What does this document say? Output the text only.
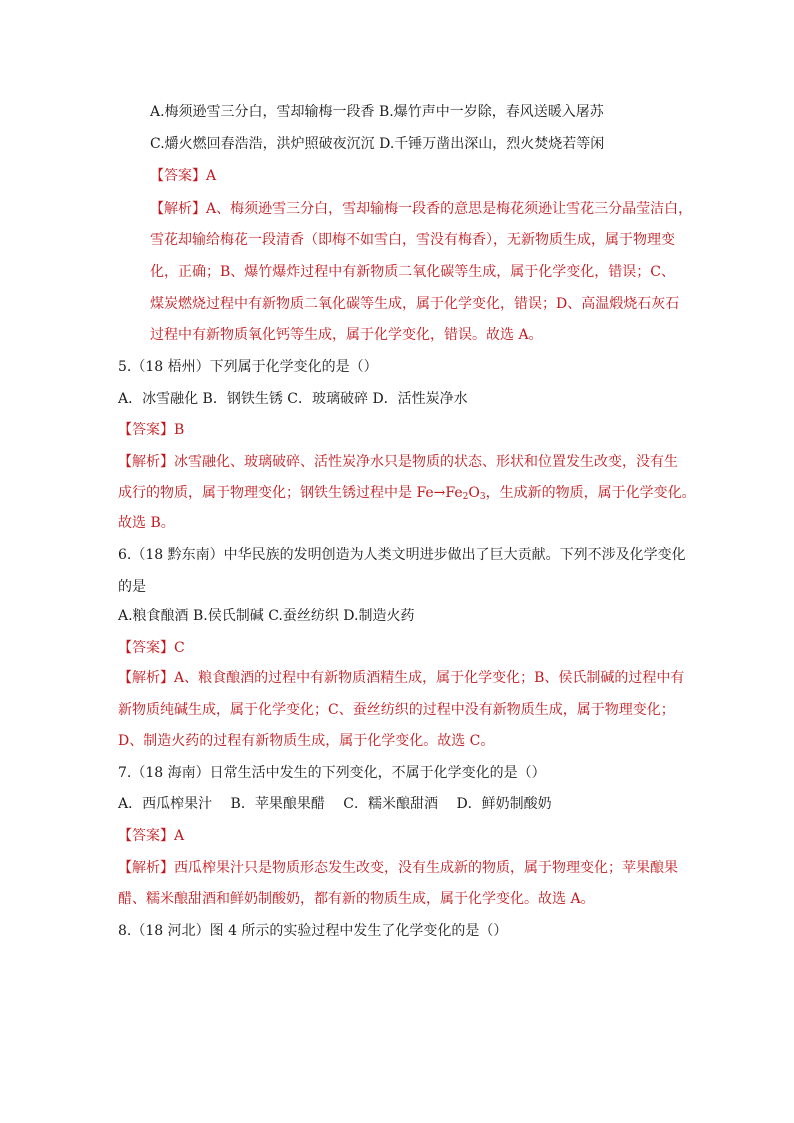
A.梅须逊雪三分白，雪却输梅一段香 B.爆竹声中一岁除，春风送暖入屠苏
C.爝火燃回春浩浩，洪炉照破夜沉沉 D.千锤万凿出深山，烈火焚烧若等闲
【答案】A
【解析】A、梅须逊雪三分白，雪却输梅一段香的意思是梅花须逊让雪花三分晶莹洁白，
雪花却输给梅花一段清香（即梅不如雪白，雪没有梅香），无新物质生成，属于物理变
化，正确；B、爆竹爆炸过程中有新物质二氧化碳等生成，属于化学变化，错误；C、
煤炭燃烧过程中有新物质二氧化碳等生成，属于化学变化，错误；D、高温煅烧石灰石
过程中有新物质氧化钙等生成，属于化学变化，错误。故选 A。
5.（18 梧州）下列属于化学变化的是（）
A．冰雪融化 B．钢铁生锈 C．玻璃破碎 D．活性炭净水
【答案】B
【解析】冰雪融化、玻璃破碎、活性炭净水只是物质的状态、形状和位置发生改变，没有生
成行的物质，属于物理变化；钢铁生锈过程中是 $Fe\to Fe_2O_3$，生成新的物质，属于化学变化。
故选 B。
6.（18 黔东南）中华民族的发明创造为人类文明进步做出了巨大贡献。下列不涉及化学变化
的是
A.粮食酿酒 B.侯氏制碱 C.蚕丝纺织 D.制造火药
【答案】C
【解析】A、粮食酿酒的过程中有新物质酒精生成，属于化学变化；B、侯氏制碱的过程中有
新物质纯碱生成，属于化学变化；C、蚕丝纺织的过程中没有新物质生成，属于物理变化；
D、制造火药的过程有新物质生成，属于化学变化。故选 C。
7.（18 海南）日常生活中发生的下列变化，不属于化学变化的是（）
A．西瓜榨果汁　 B．苹果酿果醋　 C．糯米酿甜酒　 D．鲜奶制酸奶
【答案】A
【解析】西瓜榨果汁只是物质形态发生改变，没有生成新的物质，属于物理变化；苹果酿果
醋、糯米酿甜酒和鲜奶制酸奶，都有新的物质生成，属于化学变化。故选 A。
8.（18 河北）图 4 所示的实验过程中发生了化学变化的是（）
